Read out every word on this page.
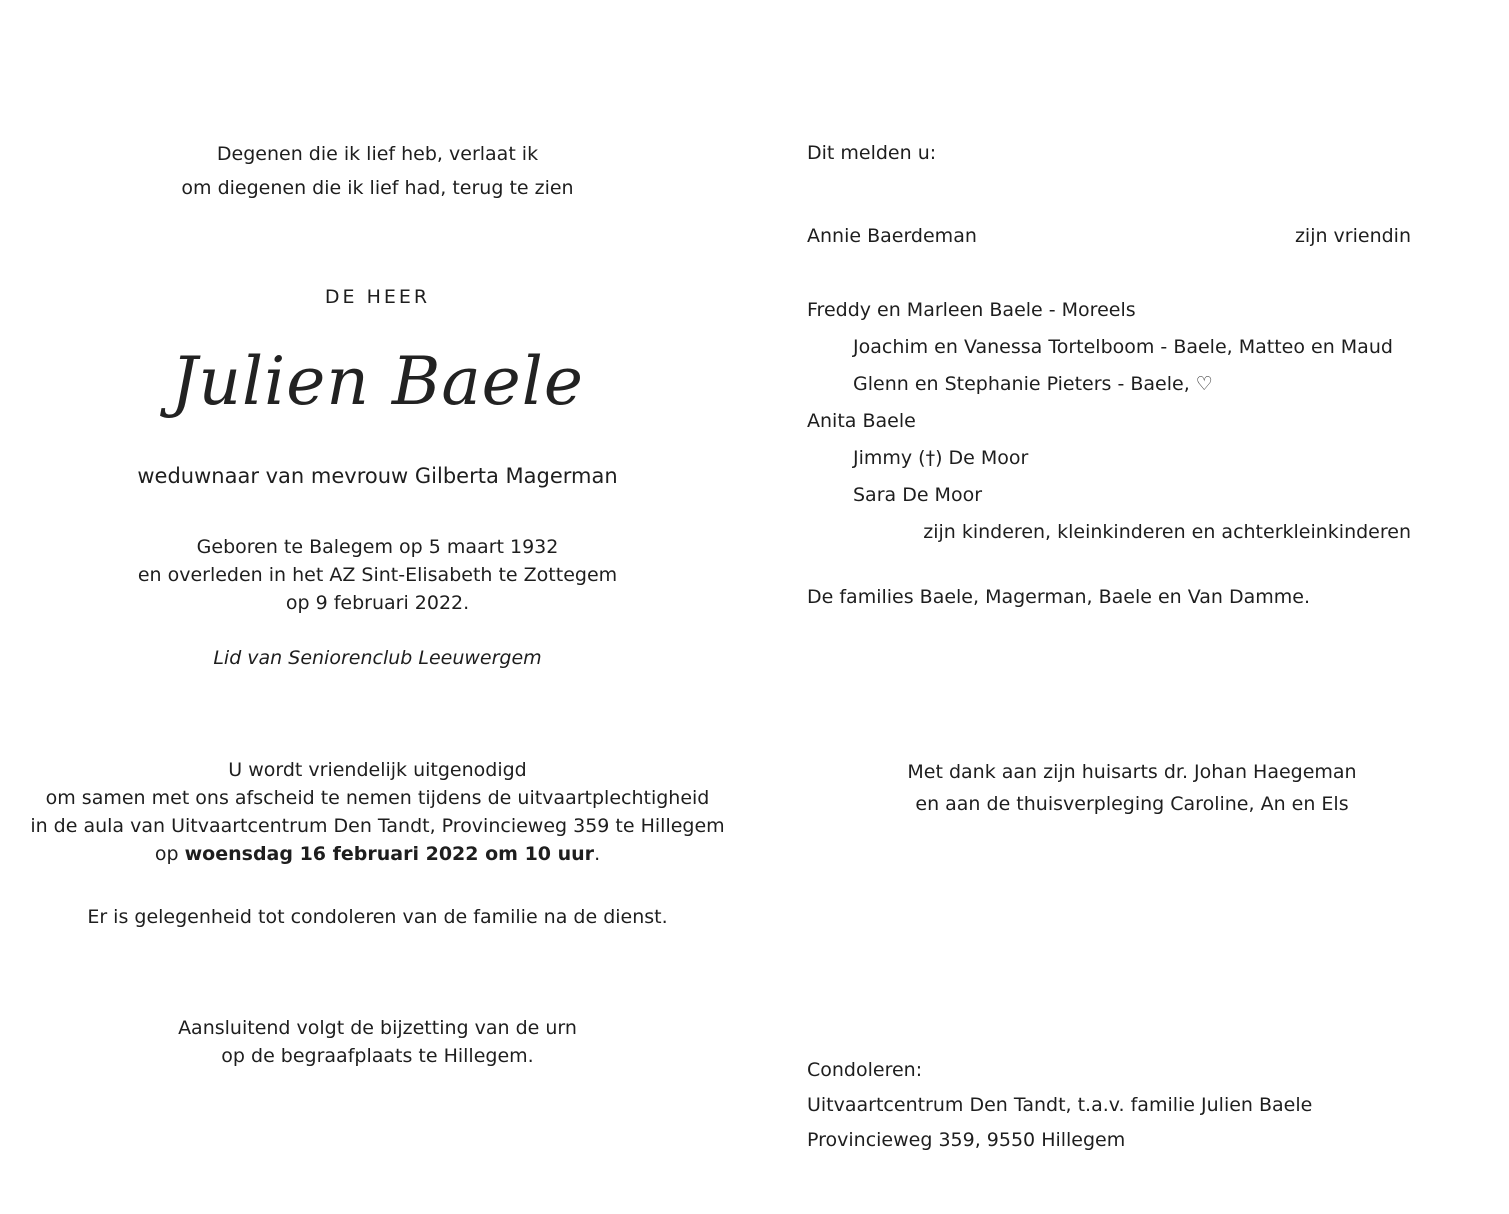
Degenen die ik lief heb, verlaat ik
om diegenen die ik lief had, terug te zien
DE HEER
Julien Baele
weduwnaar van mevrouw Gilberta Magerman
Geboren te Balegem op 5 maart 1932
en overleden in het AZ Sint-Elisabeth te Zottegem
op 9 februari 2022.
Lid van Seniorenclub Leeuwergem
U wordt vriendelijk uitgenodigd
om samen met ons afscheid te nemen tijdens de uitvaartplechtigheid
in de aula van Uitvaartcentrum Den Tandt, Provincieweg 359 te Hillegem
op woensdag 16 februari 2022 om 10 uur.
Er is gelegenheid tot condoleren van de familie na de dienst.
Aansluitend volgt de bijzetting van de urn
op de begraafplaats te Hillegem.
Dit melden u:
Annie Baerdeman	zijn vriendin
Freddy en Marleen Baele - Moreels
Joachim en Vanessa Tortelboom - Baele, Matteo en Maud
Glenn en Stephanie Pieters - Baele, ♡
Anita Baele
Jimmy (†) De Moor
Sara De Moor
zijn kinderen, kleinkinderen en achterkleinkinderen
De families Baele, Magerman, Baele en Van Damme.
Met dank aan zijn huisarts dr. Johan Haegeman
en aan de thuisverpleging Caroline, An en Els
Condoleren:
Uitvaartcentrum Den Tandt, t.a.v. familie Julien Baele
Provincieweg 359, 9550 Hillegem
